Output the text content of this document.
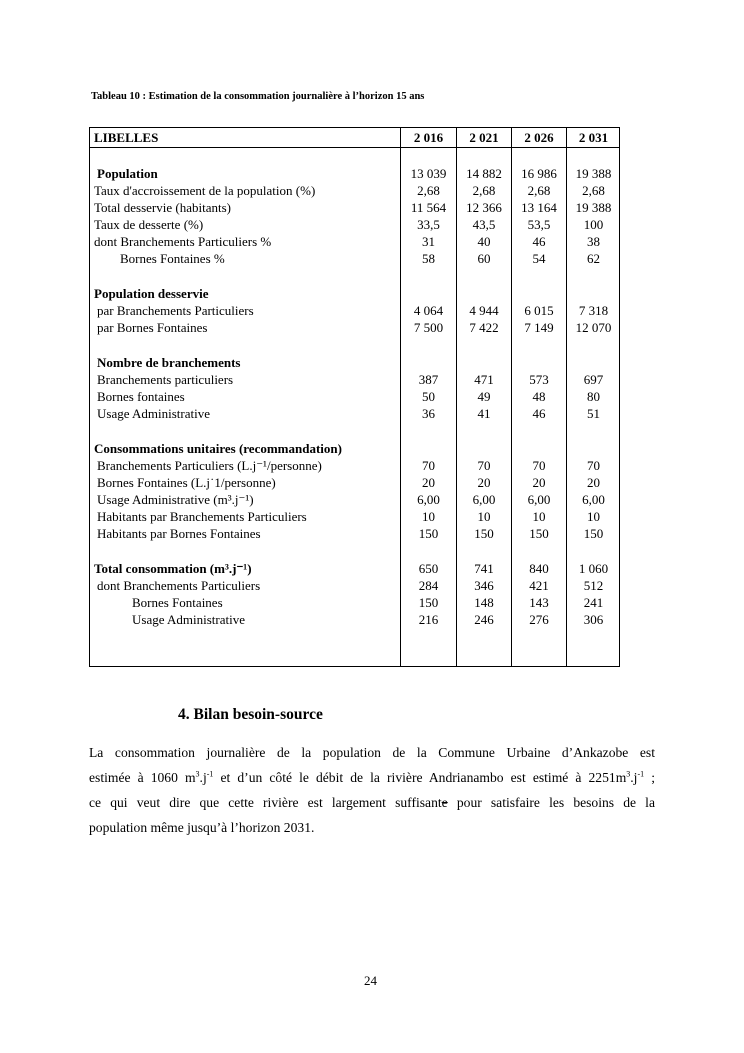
Tableau 10 : Estimation de la consommation journalière à l’horizon 15 ans
LIBELLES	2 016	2 021	2 026	2 031
Population	13 039	14 882	16 986	19 388
Taux d'accroissement de la population (%)	2,68	2,68	2,68	2,68
Total desservie (habitants)	11 564	12 366	13 164	19 388
Taux de desserte (%)	33,5	43,5	53,5	100
dont Branchements Particuliers %	31	40	46	38
Bornes Fontaines %	58	60	54	62
Population desservie
par Branchements Particuliers	4 064	4 944	6 015	7 318
par Bornes Fontaines	7 500	7 422	7 149	12 070
Nombre de branchements
Branchements particuliers	387	471	573	697
Bornes fontaines	50	49	48	80
Usage Administrative	36	41	46	51
Consommations unitaires (recommandation)
Branchements Particuliers (L.j⁻¹/personne)	70	70	70	70
Bornes Fontaines (L.j˙1/personne)	20	20	20	20
Usage Administrative (m³.j⁻¹)	6,00	6,00	6,00	6,00
Habitants par Branchements Particuliers	10	10	10	10
Habitants par Bornes Fontaines	150	150	150	150
Total consommation (m³.j⁻¹)	650	741	840	1 060
dont Branchements Particuliers	284	346	421	512
Bornes Fontaines	150	148	143	241
Usage Administrative	216	246	276	306
4. Bilan besoin-source
La consommation journalière de la population de la Commune Urbaine d’Ankazobe est
estimée à 1060 $m^3.j^{-1}$ et d’un côté le débit de la rivière Andrianambo est estimé à $2251m^3.j^{-1}$ ;
ce qui veut dire que cette rivière est largement suffisante pour satisfaire les besoins de la
population même jusqu’à l’horizon 2031.
24
